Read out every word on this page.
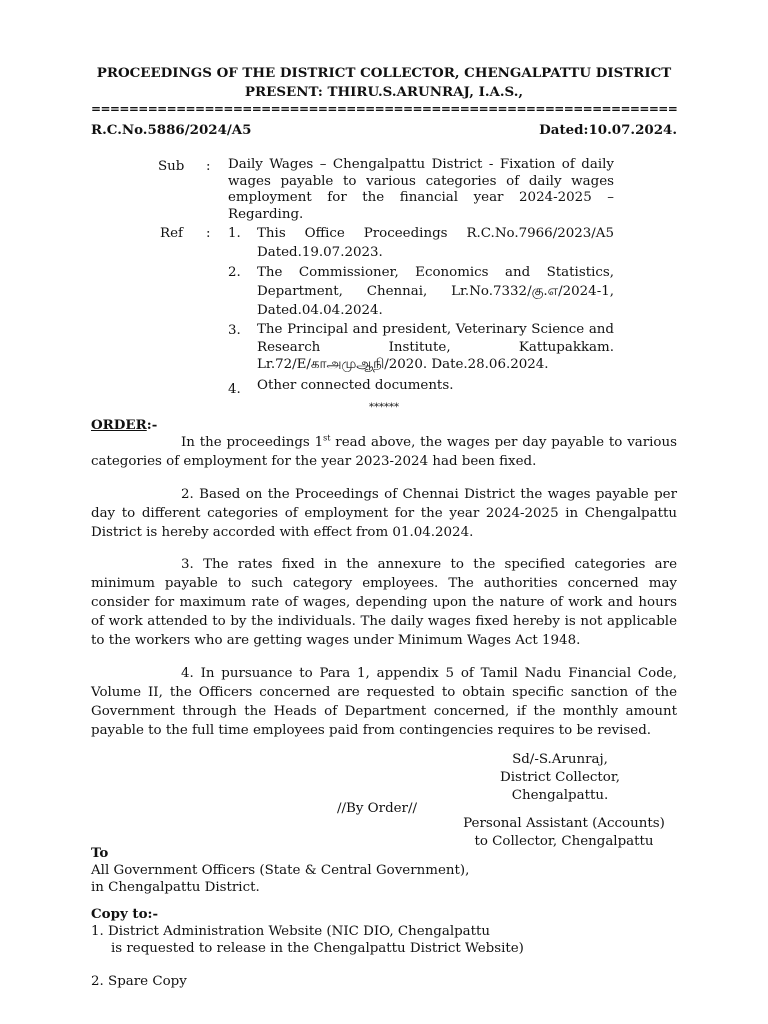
PROCEEDINGS OF THE DISTRICT COLLECTOR, CHENGALPATTU DISTRICT
PRESENT: THIRU.S.ARUNRAJ, I.A.S.,
==============================================================
R.C.No.5886/2024/A5	Dated:10.07.2024.
Sub : Daily Wages – Chengalpattu District - Fixation of daily wages payable to various categories of daily wages employment for the financial year 2024-2025 – Regarding.
Ref : 1. This Office Proceedings R.C.No.7966/2023/A5
Dated.19.07.2023.
2. The Commissioner, Economics and Statistics, Department, Chennai, Lr.No.7332/கு.எ/2024-1,
Dated.04.04.2024.
3. The Principal and president, Veterinary Science and Research Institute, Kattupakkam.
Lr.72/E/காஅமுஆநி/2020. Date.28.06.2024.
4. Other connected documents.
******
ORDER:-
In the proceedings 1st read above, the wages per day payable to various categories of employment for the year 2023-2024 had been fixed.
2. Based on the Proceedings of Chennai District the wages payable per day to different categories of employment for the year 2024-2025 in Chengalpattu District is hereby accorded with effect from 01.04.2024.
3. The rates fixed in the annexure to the specified categories are minimum payable to such category employees. The authorities concerned may consider for maximum rate of wages, depending upon the nature of work and hours of work attended to by the individuals. The daily wages fixed hereby is not applicable to the workers who are getting wages under Minimum Wages Act 1948.
4. In pursuance to Para 1, appendix 5 of Tamil Nadu Financial Code, Volume II, the Officers concerned are requested to obtain specific sanction of the Government through the Heads of Department concerned, if the monthly amount payable to the full time employees paid from contingencies requires to be revised.
Sd/-S.Arunraj,
District Collector,
Chengalpattu.
//By Order//
Personal Assistant (Accounts)
to Collector, Chengalpattu
To
All Government Officers (State & Central Government),
in Chengalpattu District.
Copy to:-
1. District Administration Website (NIC DIO, Chengalpattu
is requested to release in the Chengalpattu District Website)
2. Spare Copy
